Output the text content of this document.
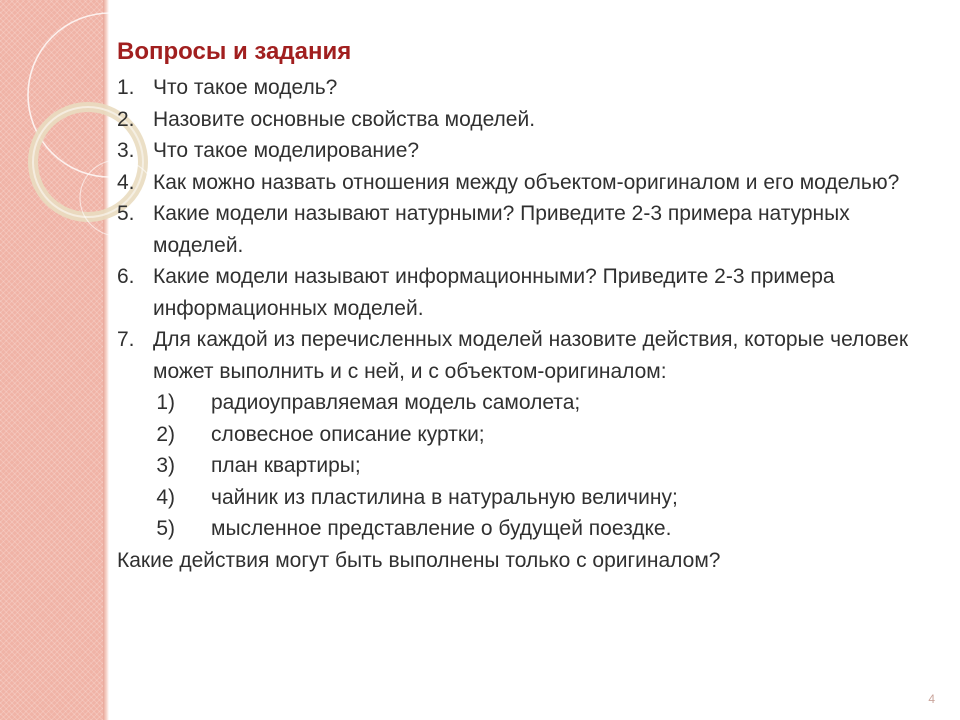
Вопросы и задания
1. Что такое модель?
2. Назовите основные свойства моделей.
3. Что такое моделирование?
4. Как можно назвать отношения между объектом-оригиналом и его моделью?
5. Какие модели называют натурными? Приведите 2-3 примера натурных моделей.
6. Какие модели называют информационными? Приведите 2-3 примера информационных моделей.
7. Для каждой из перечисленных моделей назовите действия, которые человек может выполнить и с ней, и с объектом-оригиналом:
1)	радиоуправляемая модель самолета;
2)	словесное описание куртки;
3)	план квартиры;
4)	чайник из пластилина в натуральную величину;
5)	мысленное представление о будущей поездке.

Какие действия могут быть выполнены только с оригиналом?

4
